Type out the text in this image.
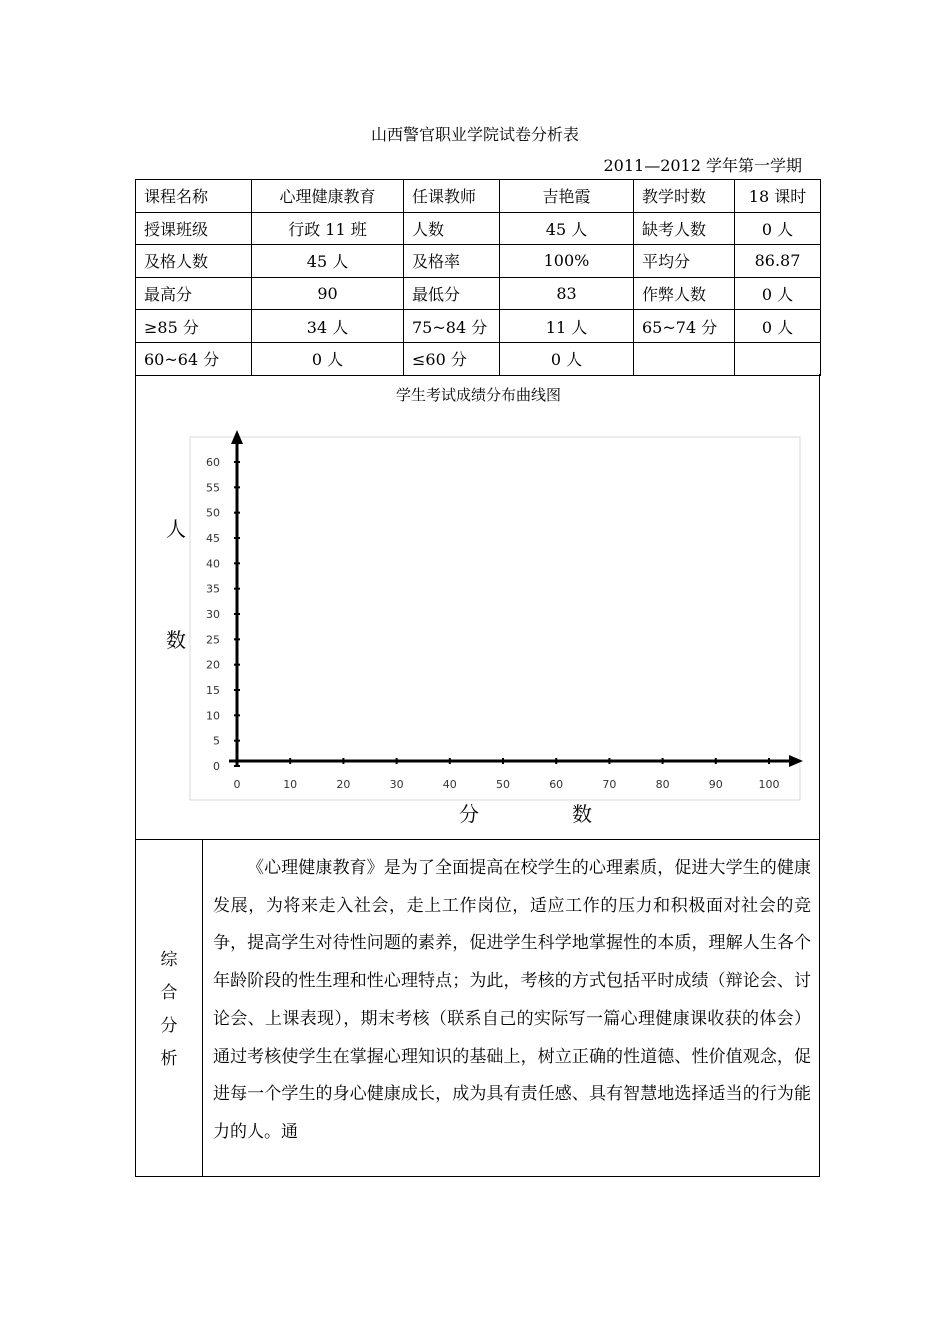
山西警官职业学院试卷分析表
2011—2012 学年第一学期
课程名称	心理健康教育	任课教师	吉艳霞	教学时数	18 课时
授课班级	行政 11 班	人数	45 人	缺考人数	0 人
及格人数	45 人	及格率	100%	平均分	86.87
最高分	90	最低分	83	作弊人数	0 人
≥85 分	34 人	75~84 分	11 人	65~74 分	0 人
60~64 分	0 人	≤60 分	0 人		
学生考试成绩分布曲线图
0
5
10
15
20
25
30
35
40
45
50
55
60
0	10	20	30	40	50	60	70	80	90	100
人
数
分	数
综
合
分
析

《心理健康教育》是为了全面提高在校学生的心理素质，促进大学生的健康发展，为将来走入社会，走上工作岗位，适应工作的压力和积极面对社会的竞争，提高学生对待性问题的素养，促进学生科学地掌握性的本质，理解人生各个年龄阶段的性生理和性心理特点；为此，考核的方式包括平时成绩（辩论会、讨论会、上课表现），期末考核（联系自己的实际写一篇心理健康课收获的体会）通过考核使学生在掌握心理知识的基础上，树立正确的性道德、性价值观念，促进每一个学生的身心健康成长，成为具有责任感、具有智慧地选择适当的行为能力的人。通
